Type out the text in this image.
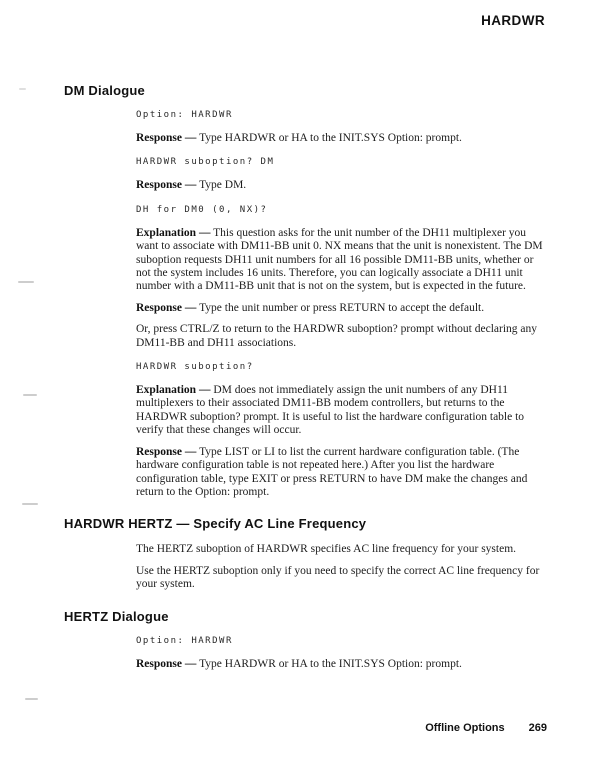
HARDWR
DM Dialogue
Option: HARDWR

Response — Type HARDWR or HA to the INIT.SYS Option: prompt.

HARDWR suboption? DM

Response — Type DM.

DH for DM0 (0, NX)?

Explanation — This question asks for the unit number of the DH11 multiplexer you want to associate with DM11-BB unit 0. NX means that the unit is nonexistent. The DM suboption requests DH11 unit numbers for all 16 possible DM11-BB units, whether or not the system includes 16 units. Therefore, you can logically associate a DH11 unit number with a DM11-BB unit that is not on the system, but is expected in the future.

Response — Type the unit number or press RETURN to accept the default.

Or, press CTRL/Z to return to the HARDWR suboption? prompt without declaring any DM11-BB and DH11 associations.

HARDWR suboption?

Explanation — DM does not immediately assign the unit numbers of any DH11 multiplexers to their associated DM11-BB modem controllers, but returns to the HARDWR suboption? prompt. It is useful to list the hardware configuration table to verify that these changes will occur.

Response — Type LIST or LI to list the current hardware configuration table. (The hardware configuration table is not repeated here.) After you list the hardware configuration table, type EXIT or press RETURN to have DM make the changes and return to the Option: prompt.

HARDWR HERTZ — Specify AC Line Frequency

The HERTZ suboption of HARDWR specifies AC line frequency for your system.

Use the HERTZ suboption only if you need to specify the correct AC line frequency for your system.

HERTZ Dialogue
Option: HARDWR

Response — Type HARDWR or HA to the INIT.SYS Option: prompt.

Offline Options 269
